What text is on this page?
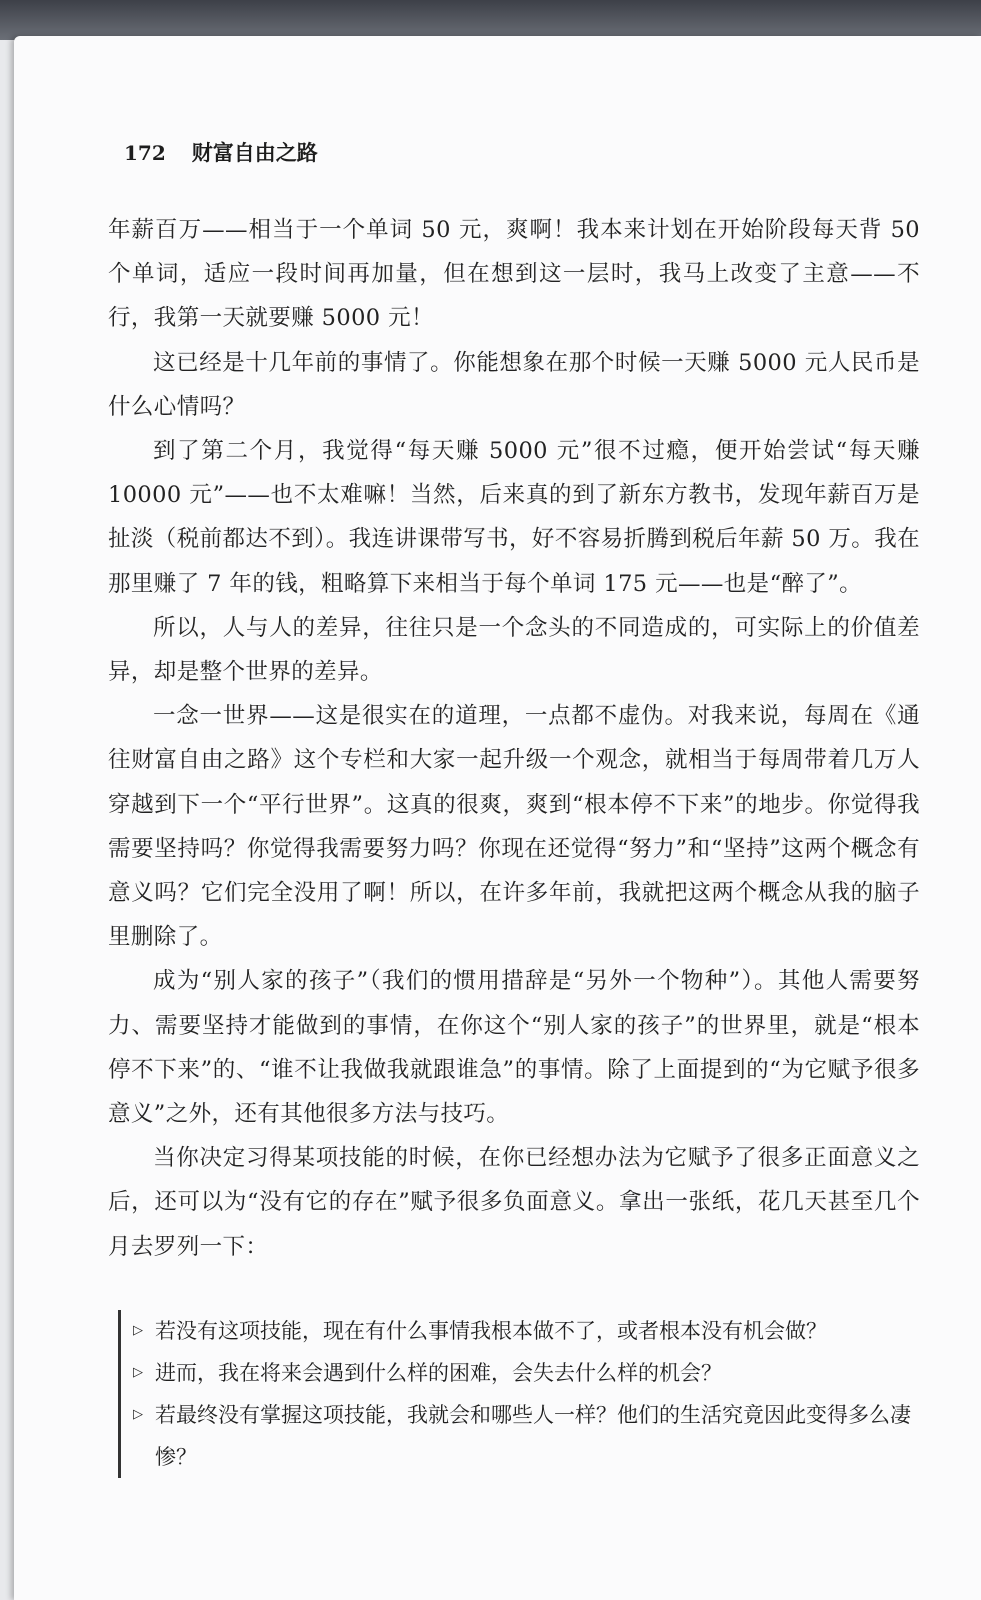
172 财富自由之路

年薪百万——相当于一个单词 50 元，爽啊！我本来计划在开始阶段每天背 50 个单词，适应一段时间再加量，但在想到这一层时，我马上改变了主意——不行，我第一天就要赚 5000 元！

这已经是十几年前的事情了。你能想象在那个时候一天赚 5000 元人民币是什么心情吗？

到了第二个月，我觉得“每天赚 5000 元”很不过瘾，便开始尝试“每天赚 10000 元”——也不太难嘛！当然，后来真的到了新东方教书，发现年薪百万是扯淡（税前都达不到）。我连讲课带写书，好不容易折腾到税后年薪 50 万。我在那里赚了 7 年的钱，粗略算下来相当于每个单词 175 元——也是“醉了”。

所以，人与人的差异，往往只是一个念头的不同造成的，可实际上的价值差异，却是整个世界的差异。

一念一世界——这是很实在的道理，一点都不虚伪。对我来说，每周在《通往财富自由之路》这个专栏和大家一起升级一个观念，就相当于每周带着几万人穿越到下一个“平行世界”。这真的很爽，爽到“根本停不下来”的地步。你觉得我需要坚持吗？你觉得我需要努力吗？你现在还觉得“努力”和“坚持”这两个概念有意义吗？它们完全没用了啊！所以，在许多年前，我就把这两个概念从我的脑子里删除了。

成为“别人家的孩子”（我们的惯用措辞是“另外一个物种”）。其他人需要努力、需要坚持才能做到的事情，在你这个“别人家的孩子”的世界里，就是“根本停不下来”的、“谁不让我做我就跟谁急”的事情。除了上面提到的“为它赋予很多意义”之外，还有其他很多方法与技巧。

当你决定习得某项技能的时候，在你已经想办法为它赋予了很多正面意义之后，还可以为“没有它的存在”赋予很多负面意义。拿出一张纸，花几天甚至几个月去罗列一下：

▷ 若没有这项技能，现在有什么事情我根本做不了，或者根本没有机会做？
▷ 进而，我在将来会遇到什么样的困难，会失去什么样的机会？
▷ 若最终没有掌握这项技能，我就会和哪些人一样？他们的生活究竟因此变得多么凄惨？
